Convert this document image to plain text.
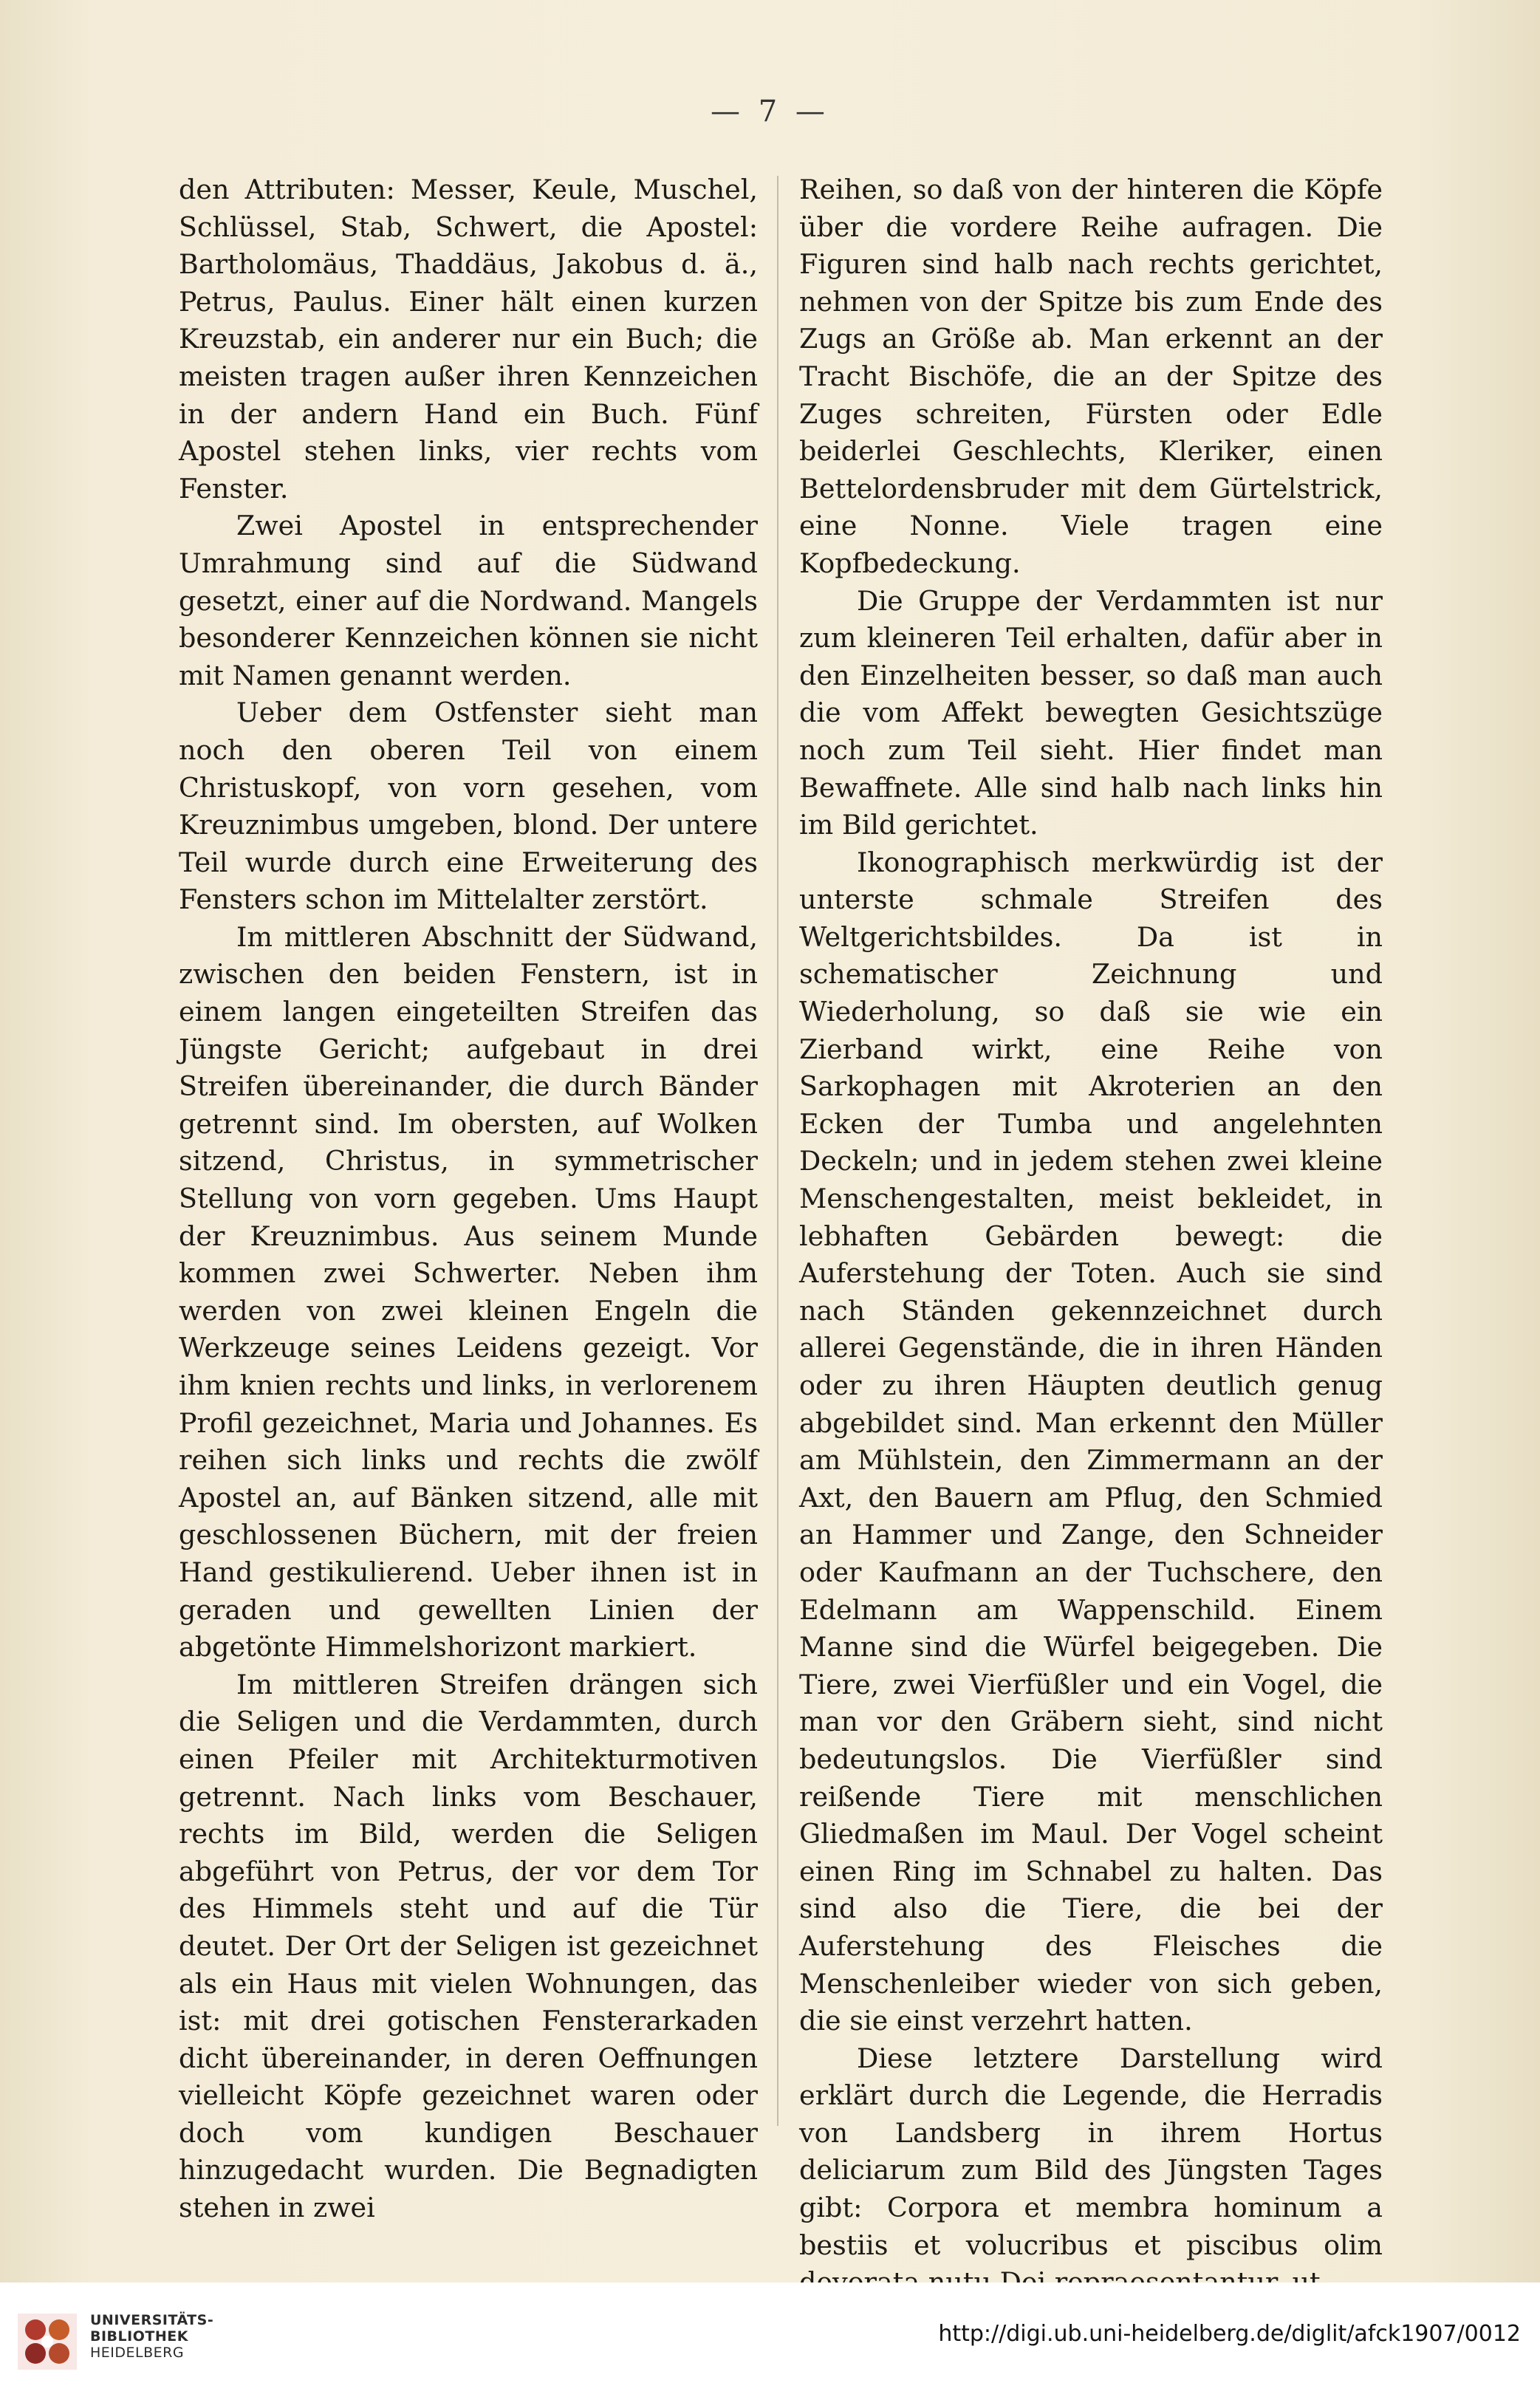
— 7 —

den Attributen: Messer, Keule, Muschel, Schlüssel, Stab, Schwert, die Apostel: Bartholomäus, Thaddäus, Jakobus d. ä., Petrus, Paulus. Einer hält einen kurzen Kreuzstab, ein anderer nur ein Buch; die meisten tragen außer ihren Kennzeichen in der andern Hand ein Buch. Fünf Apostel stehen links, vier rechts vom Fenster.

Zwei Apostel in entsprechender Umrahmung sind auf die Südwand gesetzt, einer auf die Nordwand. Mangels besonderer Kennzeichen können sie nicht mit Namen genannt werden.

Ueber dem Ostfenster sieht man noch den oberen Teil von einem Christuskopf, von vorn gesehen, vom Kreuznimbus umgeben, blond. Der untere Teil wurde durch eine Erweiterung des Fensters schon im Mittelalter zerstört.

Im mittleren Abschnitt der Südwand, zwischen den beiden Fenstern, ist in einem langen eingeteilten Streifen das Jüngste Gericht; aufgebaut in drei Streifen übereinander, die durch Bänder getrennt sind. Im obersten, auf Wolken sitzend, Christus, in symmetrischer Stellung von vorn gegeben. Ums Haupt der Kreuznimbus. Aus seinem Munde kommen zwei Schwerter. Neben ihm werden von zwei kleinen Engeln die Werkzeuge seines Leidens gezeigt. Vor ihm knien rechts und links, in verlorenem Profil gezeichnet, Maria und Johannes. Es reihen sich links und rechts die zwölf Apostel an, auf Bänken sitzend, alle mit geschlossenen Büchern, mit der freien Hand gestikulierend. Ueber ihnen ist in geraden und gewellten Linien der abgetönte Himmelshorizont markiert.

Im mittleren Streifen drängen sich die Seligen und die Verdammten, durch einen Pfeiler mit Architekturmotiven getrennt. Nach links vom Beschauer, rechts im Bild, werden die Seligen abgeführt von Petrus, der vor dem Tor des Himmels steht und auf die Tür deutet. Der Ort der Seligen ist gezeichnet als ein Haus mit vielen Wohnungen, das ist: mit drei gotischen Fensterarkaden dicht übereinander, in deren Oeffnungen vielleicht Köpfe gezeichnet waren oder doch vom kundigen Beschauer hinzugedacht wurden. Die Begnadigten stehen in zwei

Reihen, so daß von der hinteren die Köpfe über die vordere Reihe aufragen. Die Figuren sind halb nach rechts gerichtet, nehmen von der Spitze bis zum Ende des Zugs an Größe ab. Man erkennt an der Tracht Bischöfe, die an der Spitze des Zuges schreiten, Fürsten oder Edle beiderlei Geschlechts, Kleriker, einen Bettelordensbruder mit dem Gürtelstrick, eine Nonne. Viele tragen eine Kopfbedeckung.

Die Gruppe der Verdammten ist nur zum kleineren Teil erhalten, dafür aber in den Einzelheiten besser, so daß man auch die vom Affekt bewegten Gesichtszüge noch zum Teil sieht. Hier findet man Bewaffnete. Alle sind halb nach links hin im Bild gerichtet.

Ikonographisch merkwürdig ist der unterste schmale Streifen des Weltgerichtsbildes. Da ist in schematischer Zeichnung und Wiederholung, so daß sie wie ein Zierband wirkt, eine Reihe von Sarkophagen mit Akroterien an den Ecken der Tumba und angelehnten Deckeln; und in jedem stehen zwei kleine Menschengestalten, meist bekleidet, in lebhaften Gebärden bewegt: die Auferstehung der Toten. Auch sie sind nach Ständen gekennzeichnet durch allerei Gegenstände, die in ihren Händen oder zu ihren Häupten deutlich genug abgebildet sind. Man erkennt den Müller am Mühlstein, den Zimmermann an der Axt, den Bauern am Pflug, den Schmied an Hammer und Zange, den Schneider oder Kaufmann an der Tuchschere, den Edelmann am Wappenschild. Einem Manne sind die Würfel beigegeben. Die Tiere, zwei Vierfüßler und ein Vogel, die man vor den Gräbern sieht, sind nicht bedeutungslos. Die Vierfüßler sind reißende Tiere mit menschlichen Gliedmaßen im Maul. Der Vogel scheint einen Ring im Schnabel zu halten. Das sind also die Tiere, die bei der Auferstehung des Fleisches die Menschenleiber wieder von sich geben, die sie einst verzehrt hatten.

Diese letztere Darstellung wird erklärt durch die Legende, die Herradis von Landsberg in ihrem Hortus deliciarum zum Bild des Jüngsten Tages gibt: Corpora et membra hominum a bestiis et volucribus et piscibus olim

UNIVERSITÄTS-
BIBLIOTHEK
HEIDELBERG
http://digi.ub.uni-heidelberg.de/diglit/afck1907/0012
